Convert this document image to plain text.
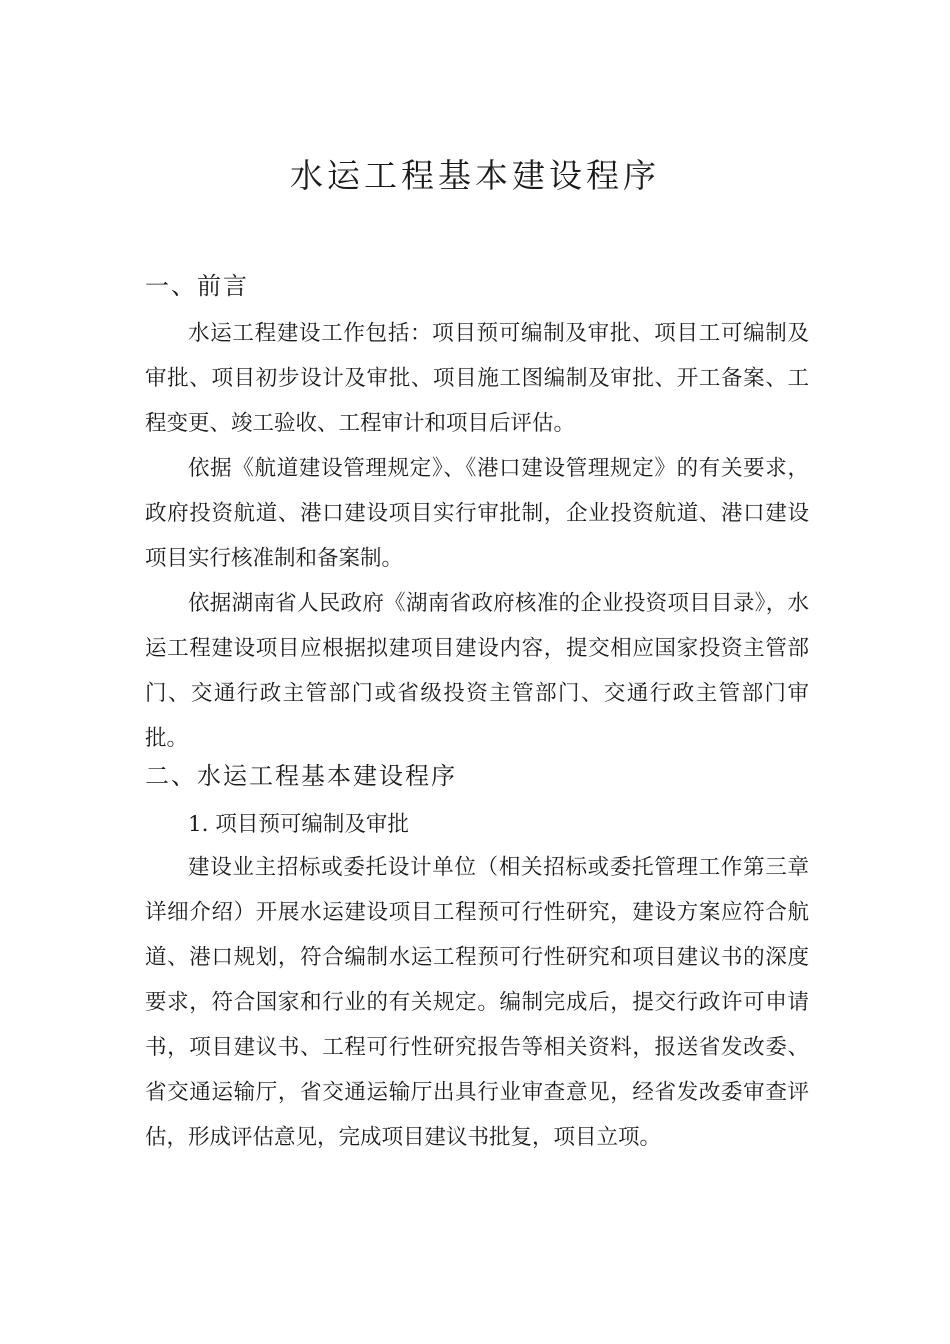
水运工程基本建设程序
一、前言

水运工程建设工作包括：项目预可编制及审批、项目工可编制及审批、项目初步设计及审批、项目施工图编制及审批、开工备案、工程变更、竣工验收、工程审计和项目后评估。

依据《航道建设管理规定》、《港口建设管理规定》的有关要求，政府投资航道、港口建设项目实行审批制，企业投资航道、港口建设项目实行核准制和备案制。

依据湖南省人民政府《湖南省政府核准的企业投资项目目录》，水运工程建设项目应根据拟建项目建设内容，提交相应国家投资主管部门、交通行政主管部门或省级投资主管部门、交通行政主管部门审批。

二、水运工程基本建设程序

1. 项目预可编制及审批

建设业主招标或委托设计单位（相关招标或委托管理工作第三章详细介绍）开展水运建设项目工程预可行性研究，建设方案应符合航道、港口规划，符合编制水运工程预可行性研究和项目建议书的深度要求，符合国家和行业的有关规定。编制完成后，提交行政许可申请书，项目建议书、工程可行性研究报告等相关资料，报送省发改委、省交通运输厅，省交通运输厅出具行业审查意见，经省发改委审查评估，形成评估意见，完成项目建议书批复，项目立项。
